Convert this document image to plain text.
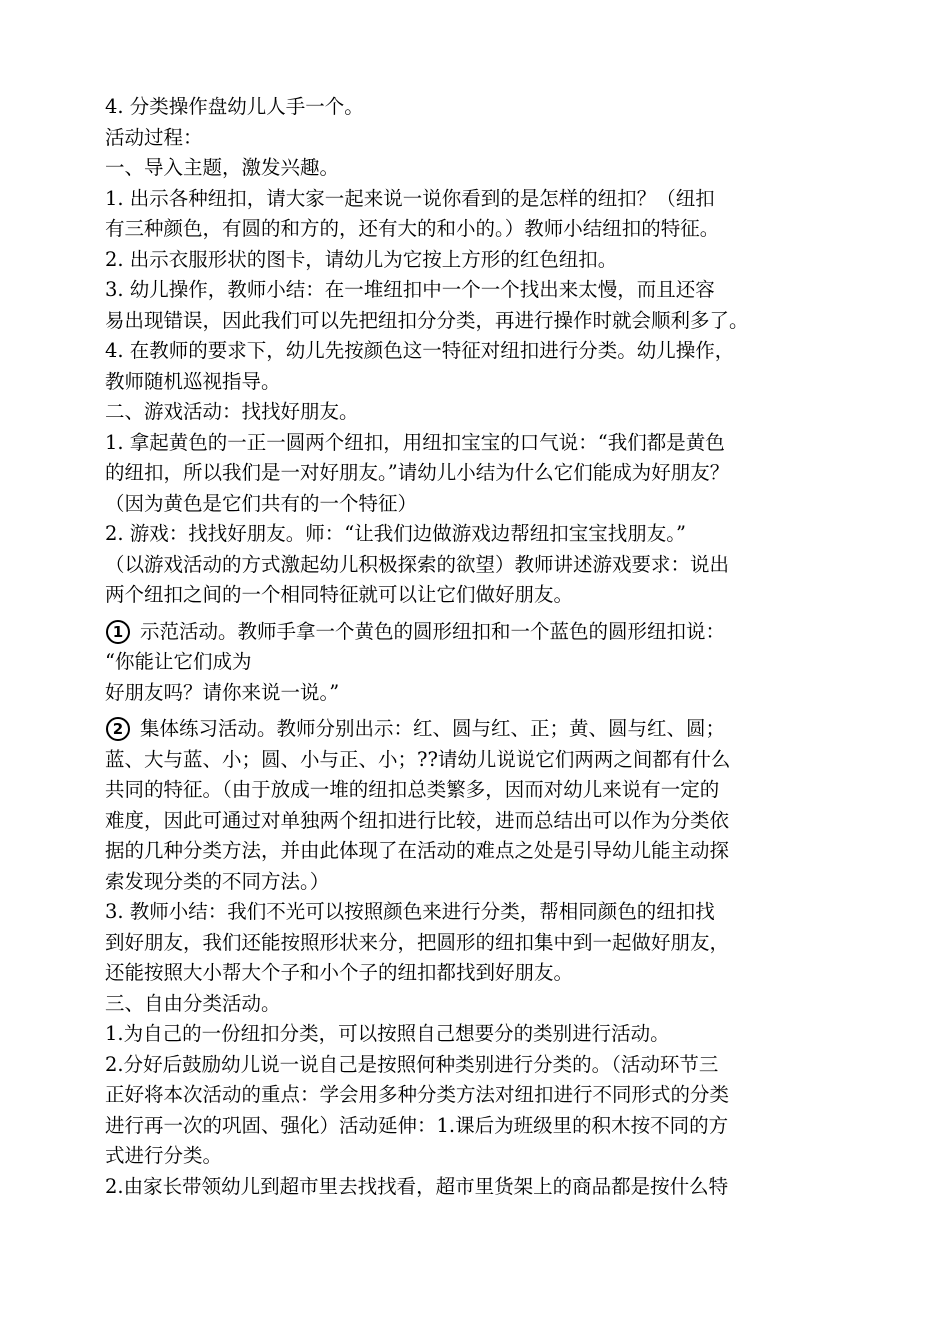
4. 分类操作盘幼儿人手一个。
活动过程：
一、导入主题，激发兴趣。
1. 出示各种纽扣，请大家一起来说一说你看到的是怎样的纽扣？（纽扣
有三种颜色，有圆的和方的，还有大的和小的。）教师小结纽扣的特征。
2. 出示衣服形状的图卡，请幼儿为它按上方形的红色纽扣。
3. 幼儿操作，教师小结：在一堆纽扣中一个一个找出来太慢，而且还容
易出现错误，因此我们可以先把纽扣分分类，再进行操作时就会顺利多了。
4. 在教师的要求下，幼儿先按颜色这一特征对纽扣进行分类。幼儿操作，
教师随机巡视指导。
二、游戏活动：找找好朋友。
1. 拿起黄色的一正一圆两个纽扣，用纽扣宝宝的口气说：“我们都是黄色
的纽扣，所以我们是一对好朋友。”请幼儿小结为什么它们能成为好朋友？
（因为黄色是它们共有的一个特征）
2. 游戏：找找好朋友。师：“让我们边做游戏边帮纽扣宝宝找朋友。”
（以游戏活动的方式激起幼儿积极探索的欲望）教师讲述游戏要求：说出
两个纽扣之间的一个相同特征就可以让它们做好朋友。
1 示范活动。教师手拿一个黄色的圆形纽扣和一个蓝色的圆形纽扣说：
“你能让它们成为
好朋友吗？请你来说一说。”
2 集体练习活动。教师分别出示：红、圆与红、正；黄、圆与红、圆；
蓝、大与蓝、小；圆、小与正、小；??请幼儿说说它们两两之间都有什么
共同的特征。（由于放成一堆的纽扣总类繁多，因而对幼儿来说有一定的
难度，因此可通过对单独两个纽扣进行比较，进而总结出可以作为分类依
据的几种分类方法，并由此体现了在活动的难点之处是引导幼儿能主动探
索发现分类的不同方法。）
3. 教师小结：我们不光可以按照颜色来进行分类，帮相同颜色的纽扣找
到好朋友，我们还能按照形状来分，把圆形的纽扣集中到一起做好朋友，
还能按照大小帮大个子和小个子的纽扣都找到好朋友。
三、自由分类活动。
1.为自己的一份纽扣分类，可以按照自己想要分的类别进行活动。
2.分好后鼓励幼儿说一说自己是按照何种类别进行分类的。（活动环节三
正好将本次活动的重点：学会用多种分类方法对纽扣进行不同形式的分类
进行再一次的巩固、强化）活动延伸：1.课后为班级里的积木按不同的方
式进行分类。
2.由家长带领幼儿到超市里去找找看，超市里货架上的商品都是按什么特
